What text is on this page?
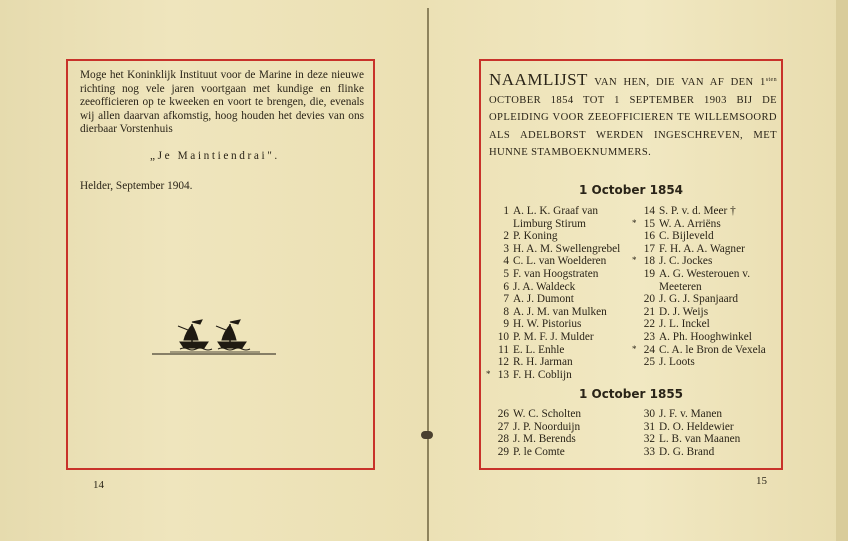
Moge het Koninklijk Instituut voor de Marine in deze nieuwe richting nog vele jaren voortgaan met kundige en flinke zeeofficieren op te kweeken en voort te brengen, die, evenals wij allen daarvan afkomstig, hoog houden het devies van ons dierbaar Vorstenhuis
„Je Maintiendrai".
Helder, September 1904.
14
NAAMLIJST VAN HEN, DIE VAN AF DEN $1^{sten}$ OCTOBER 1854 TOT 1 SEPTEMBER 1903 BIJ DE OPLEIDING VOOR ZEEOFFICIEREN TE WILLEMSOORD ALS ADELBORST WERDEN INGESCHREVEN, MET HUNNE STAMBOEKNUMMERS.
1 October 1854
1 A. L. K. Graaf van
Limburg Stirum
2 P. Koning
3 H. A. M. Swellengrebel
4 C. L. van Woelderen
5 F. van Hoogstraten
6 J. A. Waldeck
7 A. J. Dumont
8 A. J. M. van Mulken
9 H. W. Pistorius
10 P. M. F. J. Mulder
11 E. L. Enhle
12 R. H. Jarman
* 13 F. H. Coblijn
14 S. P. v. d. Meer †
* 15 W. A. Arriëns
16 C. Bijleveld
17 F. H. A. A. Wagner
* 18 J. C. Jockes
19 A. G. Westerouen v.
Meeteren
20 J. G. J. Spanjaard
21 D. J. Weijs
22 J. L. Inckel
23 A. Ph. Hooghwinkel
* 24 C. A. le Bron de Vexela
25 J. Loots
1 October 1855
26 W. C. Scholten
27 J. P. Noorduijn
28 J. M. Berends
29 P. le Comte
30 J. F. v. Manen
31 D. O. Heldewier
32 L. B. van Maanen
33 D. G. Brand
15
